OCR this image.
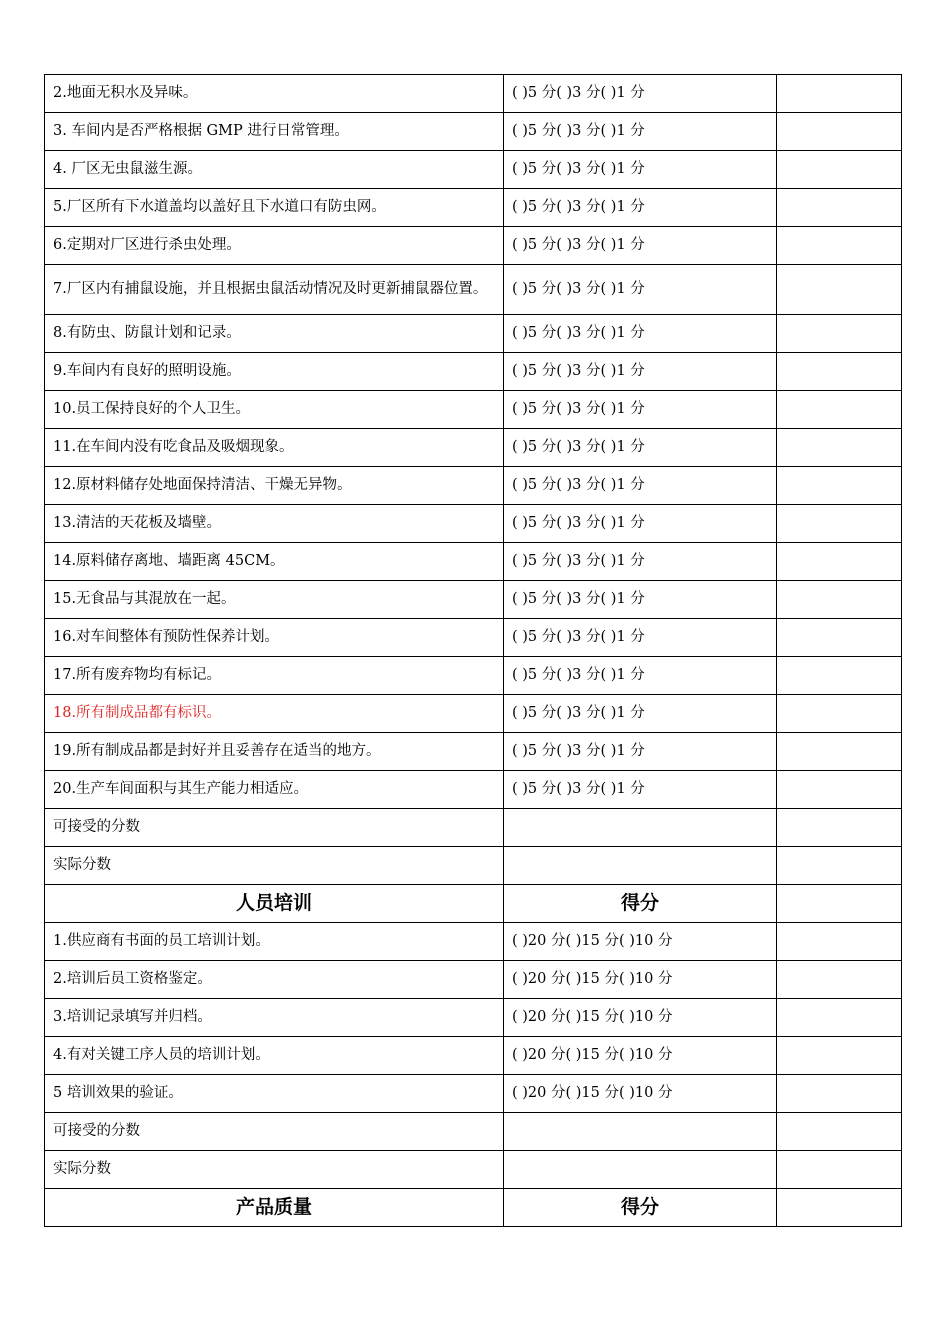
2.地面无积水及异味。	( )5 分( )3 分( )1 分	
3. 车间内是否严格根据 GMP 进行日常管理。	( )5 分( )3 分( )1 分	
4. 厂区无虫鼠滋生源。	( )5 分( )3 分( )1 分	
5.厂区所有下水道盖均以盖好且下水道口有防虫网。	( )5 分( )3 分( )1 分	
6.定期对厂区进行杀虫处理。	( )5 分( )3 分( )1 分	
7.厂区内有捕鼠设施，并且根据虫鼠活动情况及时更新捕鼠器位置。	( )5 分( )3 分( )1 分	
8.有防虫、防鼠计划和记录。	( )5 分( )3 分( )1 分	
9.车间内有良好的照明设施。	( )5 分( )3 分( )1 分	
10.员工保持良好的个人卫生。	( )5 分( )3 分( )1 分	
11.在车间内没有吃食品及吸烟现象。	( )5 分( )3 分( )1 分	
12.原材料储存处地面保持清洁、干燥无异物。	( )5 分( )3 分( )1 分	
13.清洁的天花板及墙壁。	( )5 分( )3 分( )1 分	
14.原料储存离地、墙距离 45CM。	( )5 分( )3 分( )1 分	
15.无食品与其混放在一起。	( )5 分( )3 分( )1 分	
16.对车间整体有预防性保养计划。	( )5 分( )3 分( )1 分	
17.所有废弃物均有标记。	( )5 分( )3 分( )1 分	
18.所有制成品都有标识。	( )5 分( )3 分( )1 分	
19.所有制成品都是封好并且妥善存在适当的地方。	( )5 分( )3 分( )1 分	
20.生产车间面积与其生产能力相适应。	( )5 分( )3 分( )1 分	
可接受的分数		
实际分数		
人员培训	得分	
1.供应商有书面的员工培训计划。	( )20 分( )15 分( )10 分	
2.培训后员工资格鉴定。	( )20 分( )15 分( )10 分	
3.培训记录填写并归档。	( )20 分( )15 分( )10 分	
4.有对关键工序人员的培训计划。	( )20 分( )15 分( )10 分	
5 培训效果的验证。	( )20 分( )15 分( )10 分	
可接受的分数		
实际分数		
产品质量	得分	
